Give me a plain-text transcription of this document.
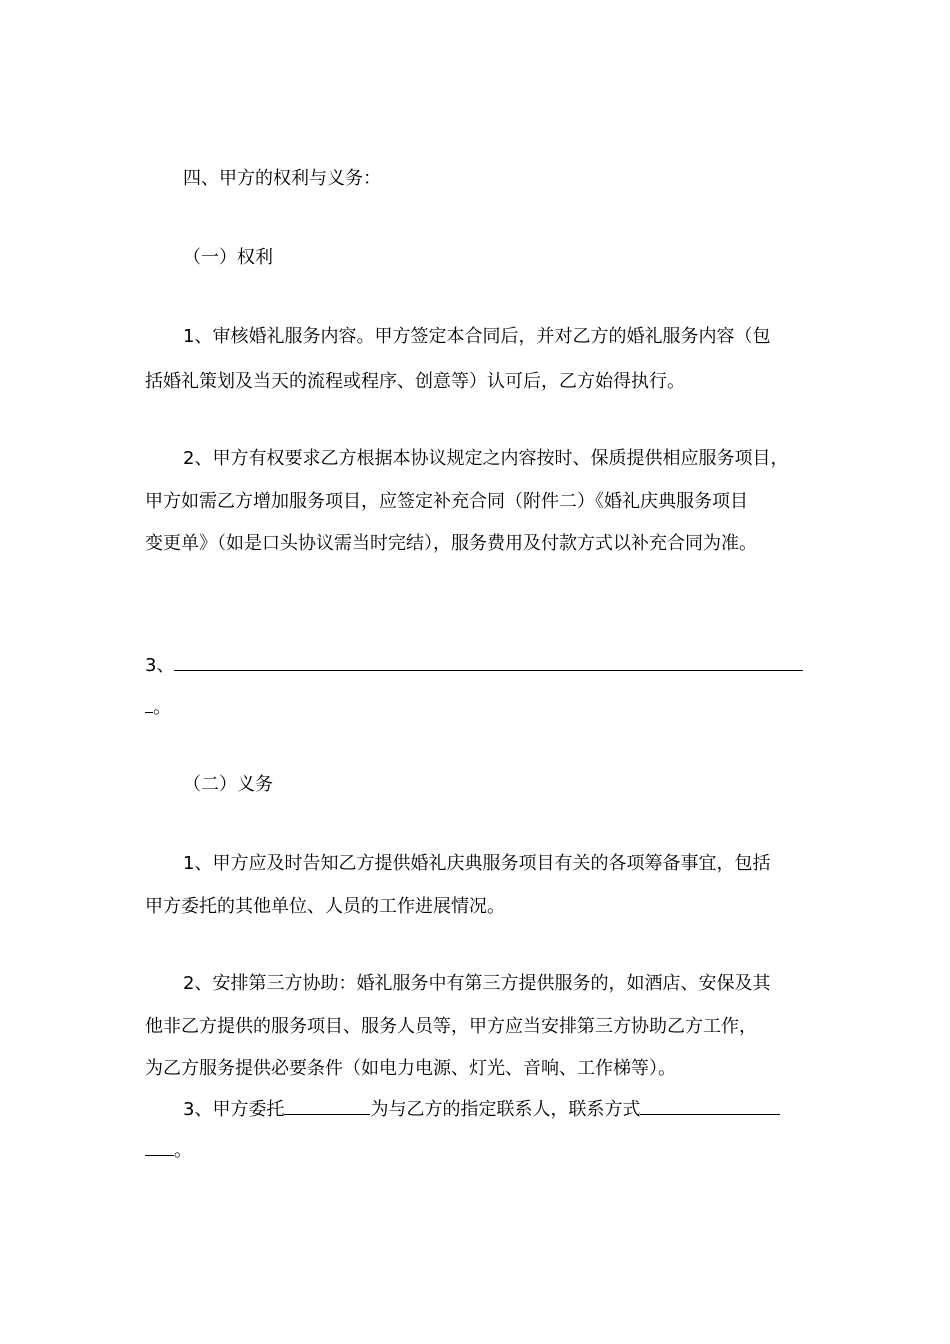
四、甲方的权利与义务：
（一）权利
1、审核婚礼服务内容。甲方签定本合同后，并对乙方的婚礼服务内容（包
括婚礼策划及当天的流程或程序、创意等）认可后，乙方始得执行。
2、甲方有权要求乙方根据本协议规定之内容按时、保质提供相应服务项目，
甲方如需乙方增加服务项目，应签定补充合同（附件二）《婚礼庆典服务项目
变更单》（如是口头协议需当时完结），服务费用及付款方式以补充合同为准。
3、
。
（二）义务
1、甲方应及时告知乙方提供婚礼庆典服务项目有关的各项筹备事宜，包括
甲方委托的其他单位、人员的工作进展情况。
2、安排第三方协助：婚礼服务中有第三方提供服务的，如酒店、安保及其
他非乙方提供的服务项目、服务人员等，甲方应当安排第三方协助乙方工作，
为乙方服务提供必要条件（如电力电源、灯光、音响、工作梯等）。
3、甲方委托	为与乙方的指定联系人，联系方式
。
